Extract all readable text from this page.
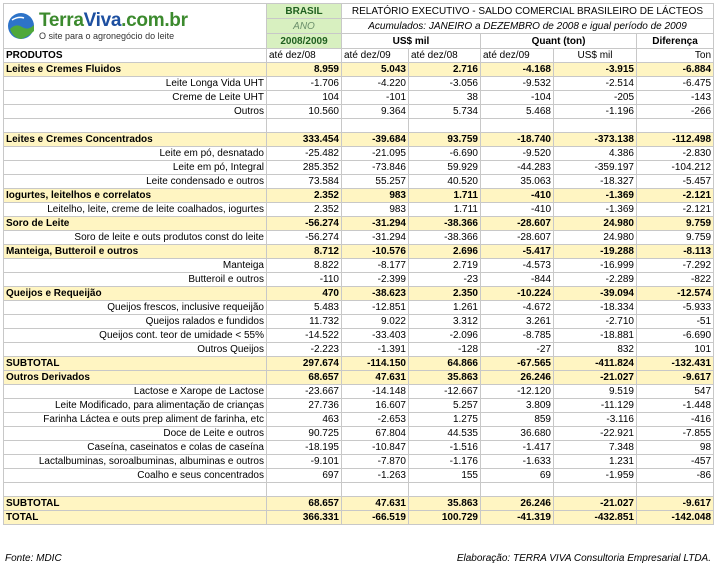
TerraViva.com.br
O site para o agronegócio do leite	BRASIL	RELATÓRIO EXECUTIVO - SALDO COMERCIAL BRASILEIRO DE LÁCTEOS				
	ANO	Acumulados: JANEIRO a DEZEMBRO de 2008 e igual período de 2009				
	2008/2009	US$ mil		Quant (ton)		Diferença
PRODUTOS	até dez/08	até dez/09	até dez/08	até dez/09	US$ mil	Ton
Leites e Cremes Fluidos	8.959	5.043	2.716	-4.168	-3.915	-6.884
Leite Longa Vida UHT	-1.706	-4.220	-3.056	-9.532	-2.514	-6.475
Creme de Leite UHT	104	-101	38	-104	-205	-143
Outros	10.560	9.364	5.734	5.468	-1.196	-266

Leites e Cremes Concentrados	333.454	-39.684	93.759	-18.740	-373.138	-112.498
Leite em pó, desnatado	-25.482	-21.095	-6.690	-9.520	4.386	-2.830
Leite em pó, Integral	285.352	-73.846	59.929	-44.283	-359.197	-104.212
Leite condensado e outros	73.584	55.257	40.520	35.063	-18.327	-5.457
Iogurtes, leitelhos e correlatos	2.352	983	1.711	-410	-1.369	-2.121
Leitelho, leite, creme de leite coalhados, iogurtes	2.352	983	1.711	-410	-1.369	-2.121
Soro de Leite	-56.274	-31.294	-38.366	-28.607	24.980	9.759
Soro de leite e outs produtos const do leite	-56.274	-31.294	-38.366	-28.607	24.980	9.759
Manteiga, Butteroil e outros	8.712	-10.576	2.696	-5.417	-19.288	-8.113
Manteiga	8.822	-8.177	2.719	-4.573	-16.999	-7.292
Butteroil e outros	-110	-2.399	-23	-844	-2.289	-822
Queijos e Requeijão	470	-38.623	2.350	-10.224	-39.094	-12.574
Queijos frescos, inclusive requeijão	5.483	-12.851	1.261	-4.672	-18.334	-5.933
Queijos ralados e fundidos	11.732	9.022	3.312	3.261	-2.710	-51
Queijos cont. teor de umidade < 55%	-14.522	-33.403	-2.096	-8.785	-18.881	-6.690
Outros Queijos	-2.223	-1.391	-128	-27	832	101
SUBTOTAL	297.674	-114.150	64.866	-67.565	-411.824	-132.431
Outros Derivados	68.657	47.631	35.863	26.246	-21.027	-9.617
Lactose e Xarope de Lactose	-23.667	-14.148	-12.667	-12.120	9.519	547
Leite Modificado, para alimentação de crianças	27.736	16.607	5.257	3.809	-11.129	-1.448
Farinha Láctea e outs prep aliment de farinha, etc	463	-2.653	1.275	859	-3.116	-416
Doce de Leite e outros	90.725	67.804	44.535	36.680	-22.921	-7.855
Caseína, caseinatos e colas de caseína	-18.195	-10.847	-1.516	-1.417	7.348	98
Lactalbuminas, soroalbuminas, albuminas e outros	-9.101	-7.870	-1.176	-1.633	1.231	-457
Coalho e seus concentrados	697	-1.263	155	69	-1.959	-86

SUBTOTAL	68.657	47.631	35.863	26.246	-21.027	-9.617
TOTAL	366.331	-66.519	100.729	-41.319	-432.851	-142.048
Fonte: MDIC	Elaboração: TERRA VIVA Consultoria Empresarial LTDA.
